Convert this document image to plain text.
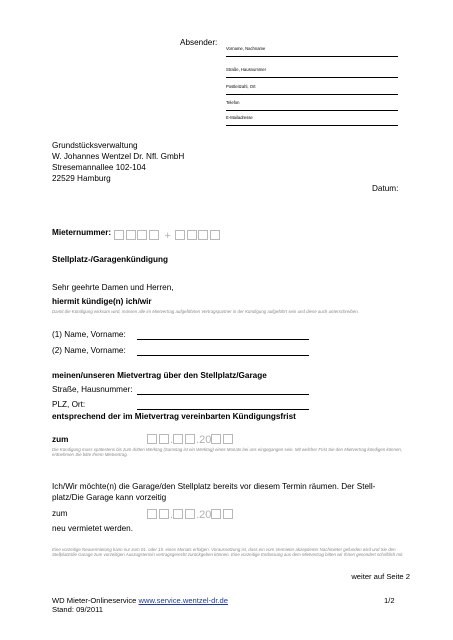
Absender:
Vorname, Nachname
Straße, Hausnummer
Postleitzahl, Ort
Telefon
E-Mailadresse
Grundstücksverwaltung
W. Johannes Wentzel Dr. Nfl. GmbH
Stresemannallee 102-104
22529 Hamburg
Datum:
Mieternummer:	+
Stellplatz-/Garagenkündigung
Sehr geehrte Damen und Herren,
hiermit kündige(n) ich/wir
Damit die Kündigung wirksam wird, müssen alle im Mietvertrag aufgeführten Vertragspartner in der Kündigung aufgeführt sein und diese auch unterschreiben.
(1) Name, Vorname:
(2) Name, Vorname:
meinen/unseren Mietvertrag über den Stellplatz/Garage
Straße, Hausnummer:
PLZ, Ort:
entsprechend der im Mietvertrag vereinbarten Kündigungsfrist
zum	. .20
Die Kündigung muss spätestens bis zum dritten Werktag (Samstag ist ein Werktag) eines Monats bei uns eingegangen sein. Mit welcher Frist Sie den Mietvertrag kündigen können, entnehmen Sie bitte Ihrem Mietvertrag.
Ich/Wir möchte(n) die Garage/den Stellplatz bereits vor diesem Termin räumen. Der Stell-platz/Die Garage kann vorzeitig
zum	. .20
neu vermietet werden.
Eine vorzeitige Neuvermietung kann nur zum 01. oder 15. eines Monats erfolgen. Voraussetzung ist, dass ein vom Vermieter akzeptierter Nachmieter gefunden wird und Sie den Stellplatz/die Garage zum vorzeitigen Auszugstermin vertragsgerecht zurückgeben können. Eine vorzeitige Entlassung aus dem Mietvertrag bitten wir Ihnen gesondert schriftlich mit.
weiter auf Seite 2
WD Mieter-Onlineservice www.service.wentzel-dr.de	1/2
Stand: 09/2011
